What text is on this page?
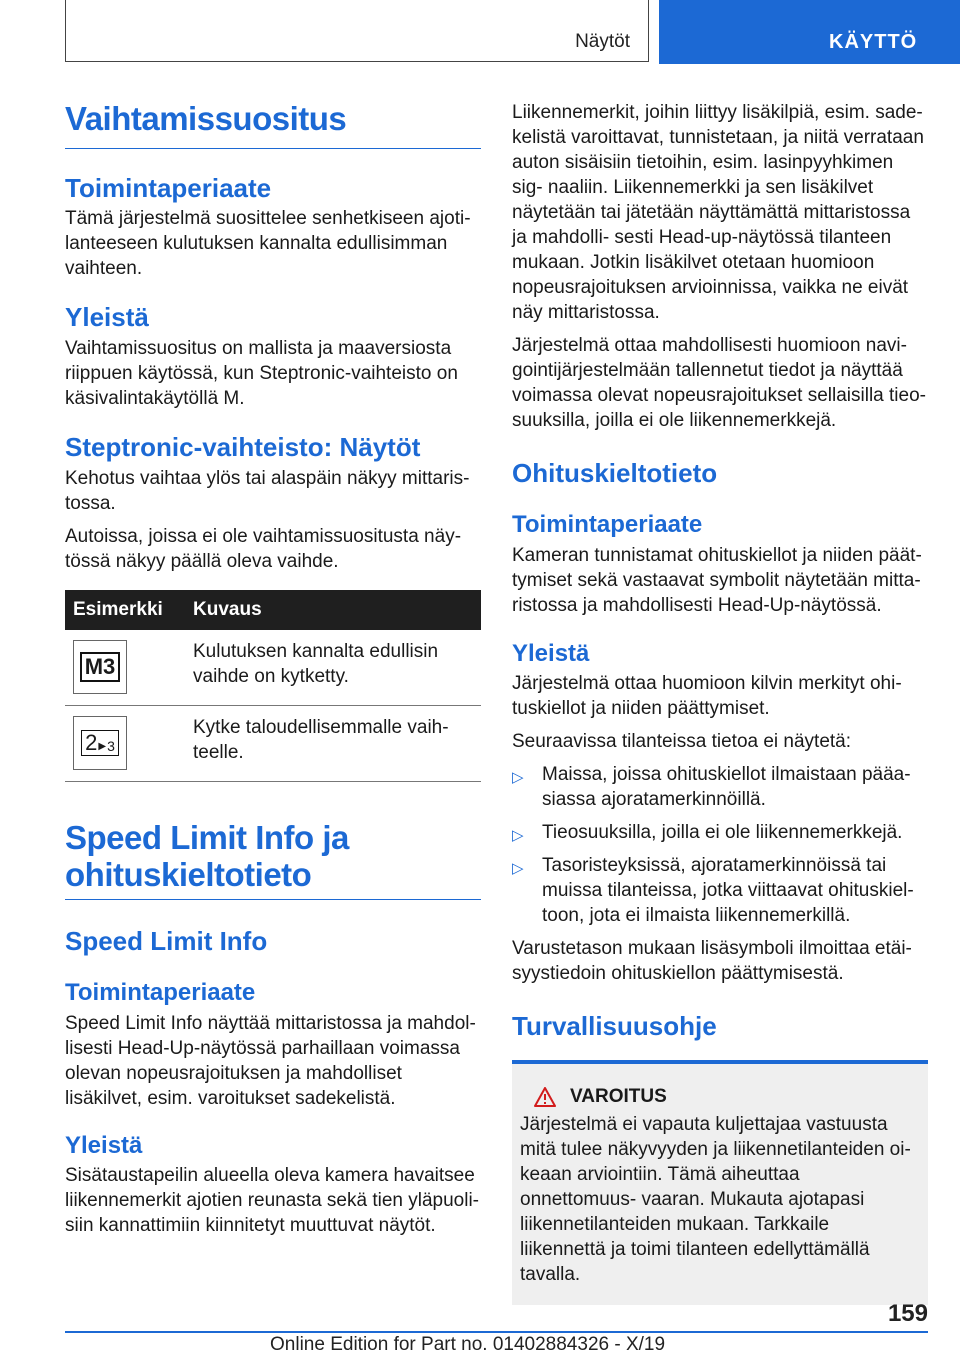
Näytöt	KÄYTTÖ
Vaihtamissuositus
Toimintaperiaate

Tämä järjestelmä suosittelee senhetkiseen ajoti- lanteeseen kulutuksen kannalta edullisimman vaihteen.

Yleistä

Vaihtamissuositus on mallista ja maaversiosta riippuen käytössä, kun Steptronic-vaihteisto on käsivalintakäytöllä M.

Steptronic-vaihteisto: Näytöt

Kehotus vaihtaa ylös tai alaspäin näkyy mittaris- tossa.

Autoissa, joissa ei ole vaihtamissuositusta näy- tössä näkyy päällä oleva vaihde.

Esimerkki	Kuvaus

M3	Kulutuksen kannalta edullisin vaihde on kytketty.

2 ▶ 3	Kytke taloudellisemmalle vaih- teelle.
Speed Limit Info ja ohituskieltotieto
Speed Limit Info
Toimintaperiaate

Speed Limit Info näyttää mittaristossa ja mahdol- lisesti Head-Up-näytössä parhaillaan voimassa olevan nopeusrajoituksen ja mahdolliset lisäkilvet, esim. varoitukset sadekelistä.

Yleistä

Sisätaustapeilin alueella oleva kamera havaitsee liikennemerkit ajotien reunasta sekä tien yläpuoli- siin kannattimiin kiinnitetyt muuttuvat näytöt.

Liikennemerkit, joihin liittyy lisäkilpiä, esim. sade- kelistä varoittavat, tunnistetaan, ja niitä verrataan auton sisäisiin tietoihin, esim. lasinpyyhkimen sig- naaliin. Liikennemerkki ja sen lisäkilvet näytetään tai jätetään näyttämättä mittaristossa ja mahdolli- sesti Head-up-näytössä tilanteen mukaan. Jotkin lisäkilvet otetaan huomioon nopeusrajoituksen arvioinnissa, vaikka ne eivät näy mittaristossa.

Järjestelmä ottaa mahdollisesti huomioon navi- gointijärjestelmään tallennetut tiedot ja näyttää voimassa olevat nopeusrajoitukset sellaisilla tieo- suuksilla, joilla ei ole liikennemerkkejä.

Ohituskieltotieto
Toimintaperiaate

Kameran tunnistamat ohituskiellot ja niiden päät- tymiset sekä vastaavat symbolit näytetään mitta- ristossa ja mahdollisesti Head-Up-näytössä.

Yleistä

Järjestelmä ottaa huomioon kilvin merkityt ohi- tuskiellot ja niiden päättymiset.

Seuraavissa tilanteissa tietoa ei näytetä:

▷ Maissa, joissa ohituskiellot ilmaistaan pääa- siassa ajoratamerkinnöillä.
▷ Tieosuuksilla, joilla ei ole liikennemerkkejä.
▷ Tasoristeyksissä, ajoratamerkinnöissä tai muissa tilanteissa, jotka viittaavat ohituskiel- toon, jota ei ilmaista liikennemerkillä.

Varustetason mukaan lisäsymboli ilmoittaa etäi- syystiedoin ohituskiellon päättymisestä.

Turvallisuusohje
VAROITUS

Järjestelmä ei vapauta kuljettajaa vastuusta mitä tulee näkyvyyden ja liikennetilanteiden oi- keaan arviointiin. Tämä aiheuttaa onnettomuus- vaaran. Mukauta ajotapasi liikennetilanteiden mukaan. Tarkkaile liikennettä ja toimi tilanteen edellyttämällä tavalla.

159
Online Edition for Part no. 01402884326 - X/19
